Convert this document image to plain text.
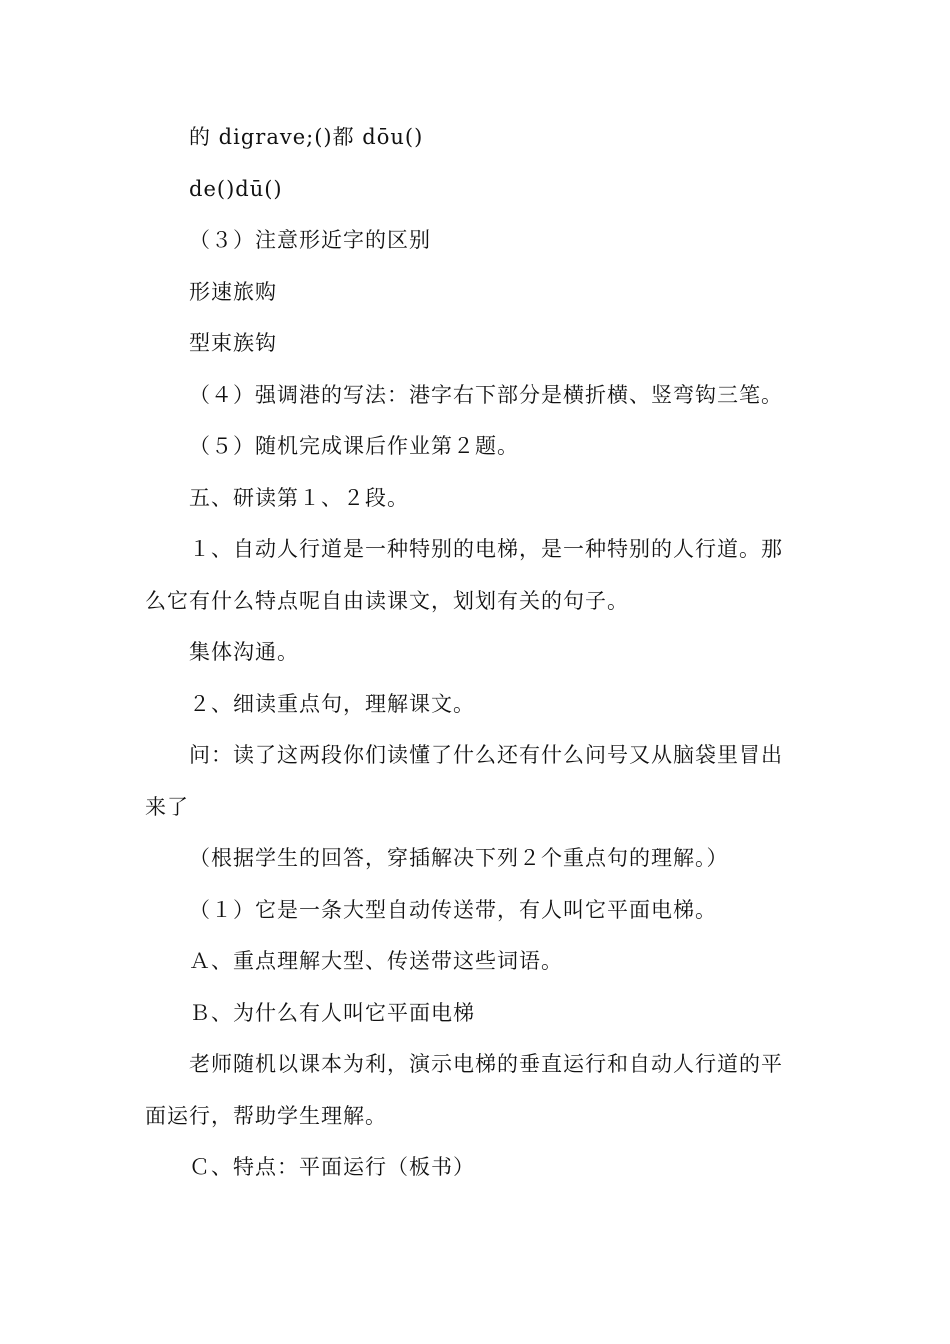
的 digrave;()都 dōu()

de()dū()

（３）注意形近字的区别

形速旅购

型束族钩

（４）强调港的写法：港字右下部分是横折横、竖弯钩三笔。

（５）随机完成课后作业第２题。

五、研读第１、２段。

１、自动人行道是一种特别的电梯，是一种特别的人行道。那
么它有什么特点呢自由读课文，划划有关的句子。

集体沟通。

２、细读重点句，理解课文。

问：读了这两段你们读懂了什么还有什么问号又从脑袋里冒出
来了

（根据学生的回答，穿插解决下列２个重点句的理解。）

（１）它是一条大型自动传送带，有人叫它平面电梯。

Ａ、重点理解大型、传送带这些词语。

Ｂ、为什么有人叫它平面电梯

老师随机以课本为利，演示电梯的垂直运行和自动人行道的平
面运行，帮助学生理解。

Ｃ、特点：平面运行（板书）
